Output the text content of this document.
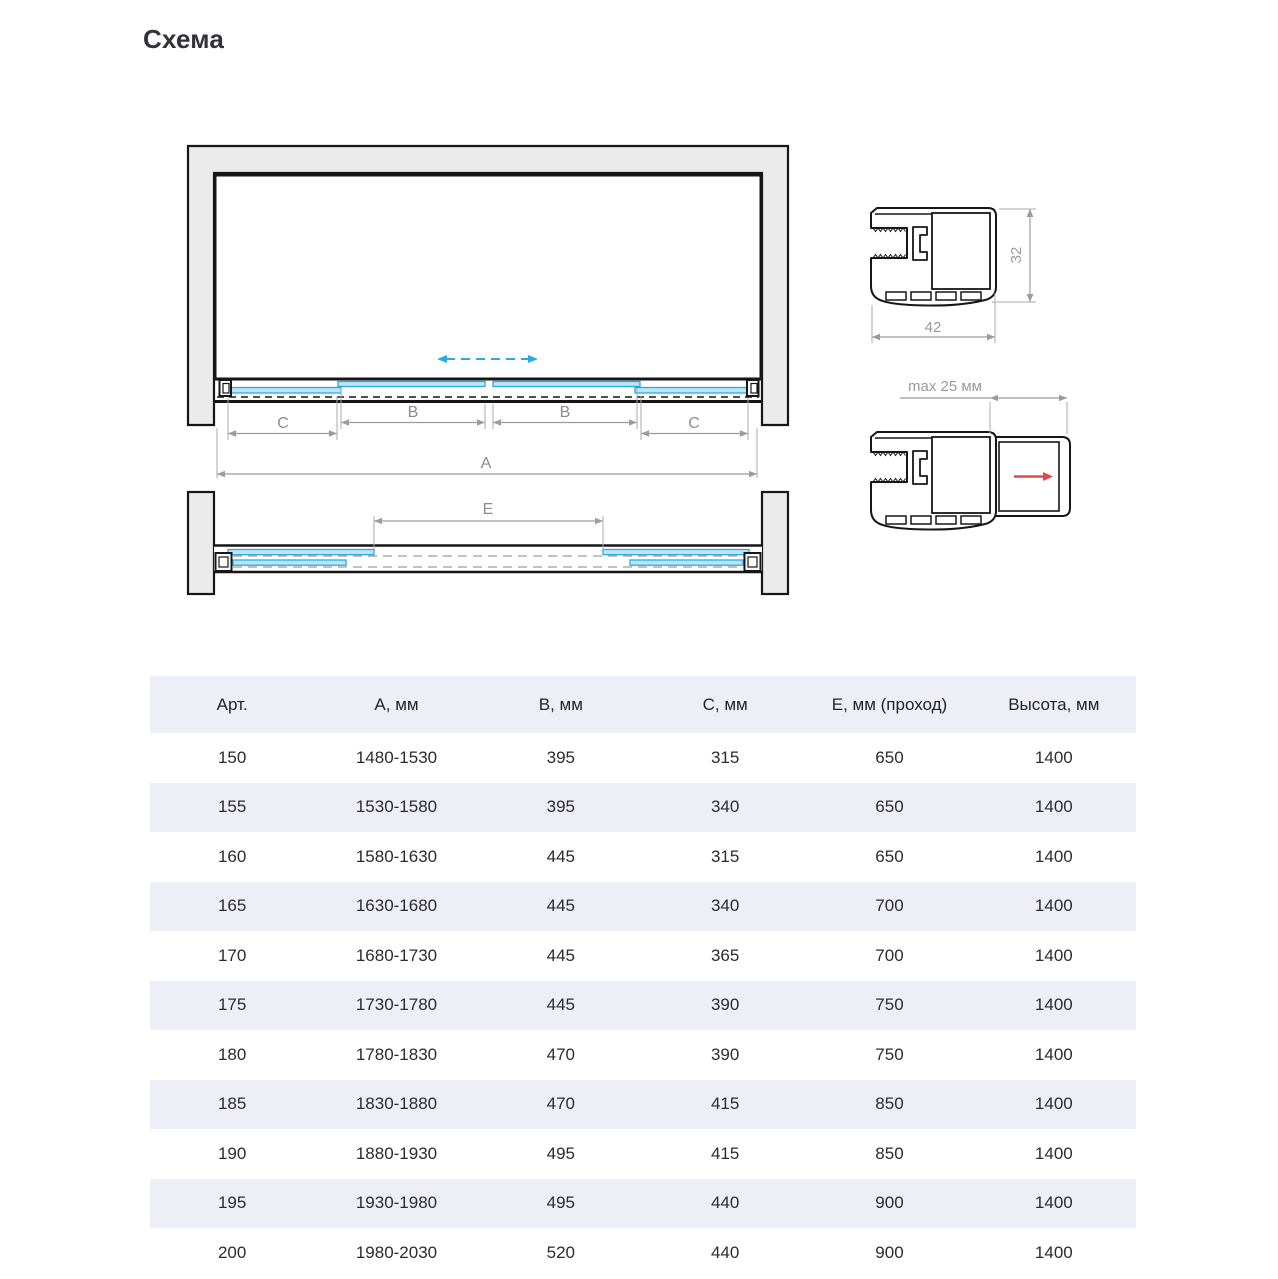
Схема
C
B	B
C
A
E
32
42
max 25 мм
Арт.	А, мм	В, мм	С, мм	Е, мм (проход)	Высота, мм
150	1480-1530	395	315	650	1400
155	1530-1580	395	340	650	1400
160	1580-1630	445	315	650	1400
165	1630-1680	445	340	700	1400
170	1680-1730	445	365	700	1400
175	1730-1780	445	390	750	1400
180	1780-1830	470	390	750	1400
185	1830-1880	470	415	850	1400
190	1880-1930	495	415	850	1400
195	1930-1980	495	440	900	1400
200	1980-2030	520	440	900	1400
